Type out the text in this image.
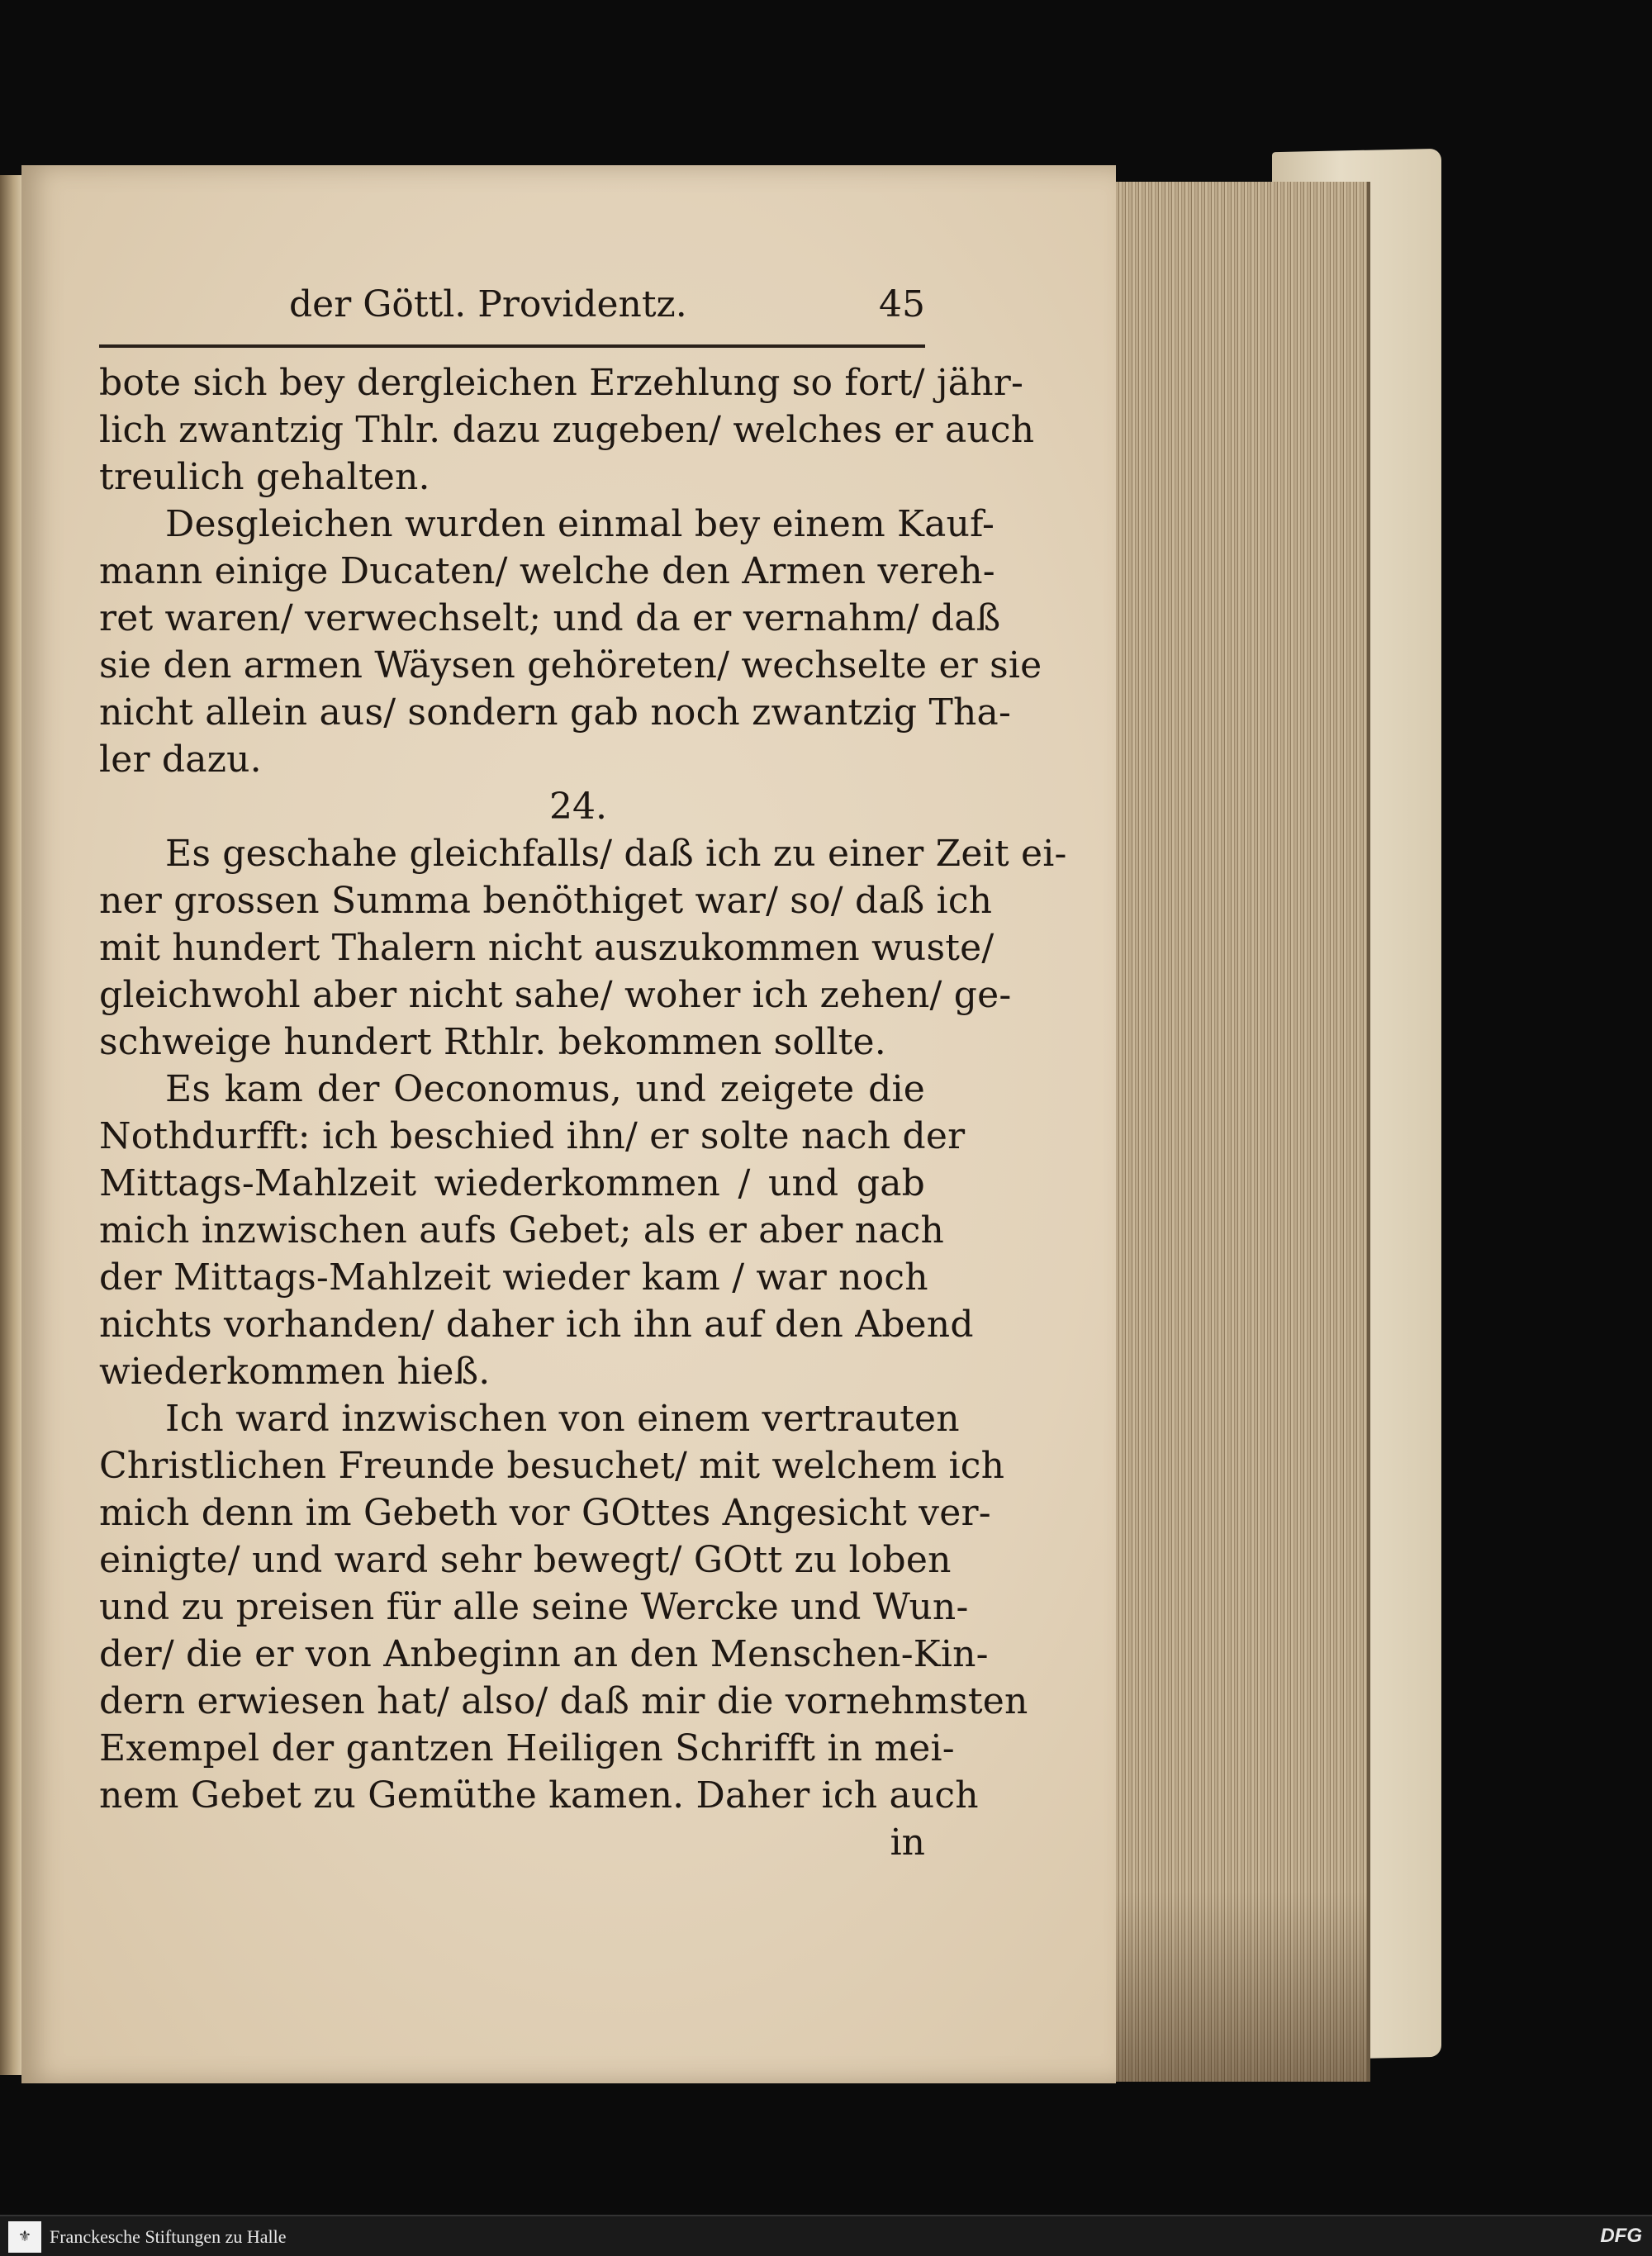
der Göttl. Providentz.	45
bote sich bey dergleichen Erzehlung so fort/ jähr-
lich zwantzig Thlr. dazu zugeben/ welches er auch
treulich gehalten.
Desgleichen wurden einmal bey einem Kauf-
mann einige Ducaten/ welche den Armen vereh-
ret waren/ verwechselt; und da er vernahm/ daß
sie den armen Wäysen gehöreten/ wechselte er sie
nicht allein aus/ sondern gab noch zwantzig Tha-
ler dazu.
24.
Es geschahe gleichfalls/ daß ich zu einer Zeit ei-
ner grossen Summa benöthiget war/ so/ daß ich
mit hundert Thalern nicht auszukommen wuste/
gleichwohl aber nicht sahe/ woher ich zehen/ ge-
schweige hundert Rthlr. bekommen sollte.
Es kam der Oeconomus, und zeigete die
Nothdurfft: ich beschied ihn/ er solte nach der
Mittags-Mahlzeit wiederkommen / und gab
mich inzwischen aufs Gebet; als er aber nach
der Mittags-Mahlzeit wieder kam / war noch
nichts vorhanden/ daher ich ihn auf den Abend
wiederkommen hieß.
Ich ward inzwischen von einem vertrauten
Christlichen Freunde besuchet/ mit welchem ich
mich denn im Gebeth vor GOttes Angesicht ver-
einigte/ und ward sehr bewegt/ GOtt zu loben
und zu preisen für alle seine Wercke und Wun-
der/ die er von Anbeginn an den Menschen-Kin-
dern erwiesen hat/ also/ daß mir die vornehmsten
Exempel der gantzen Heiligen Schrifft in mei-
nem Gebet zu Gemüthe kamen. Daher ich auch
in
⚜ Franckesche Stiftungen zu Halle	DFG
